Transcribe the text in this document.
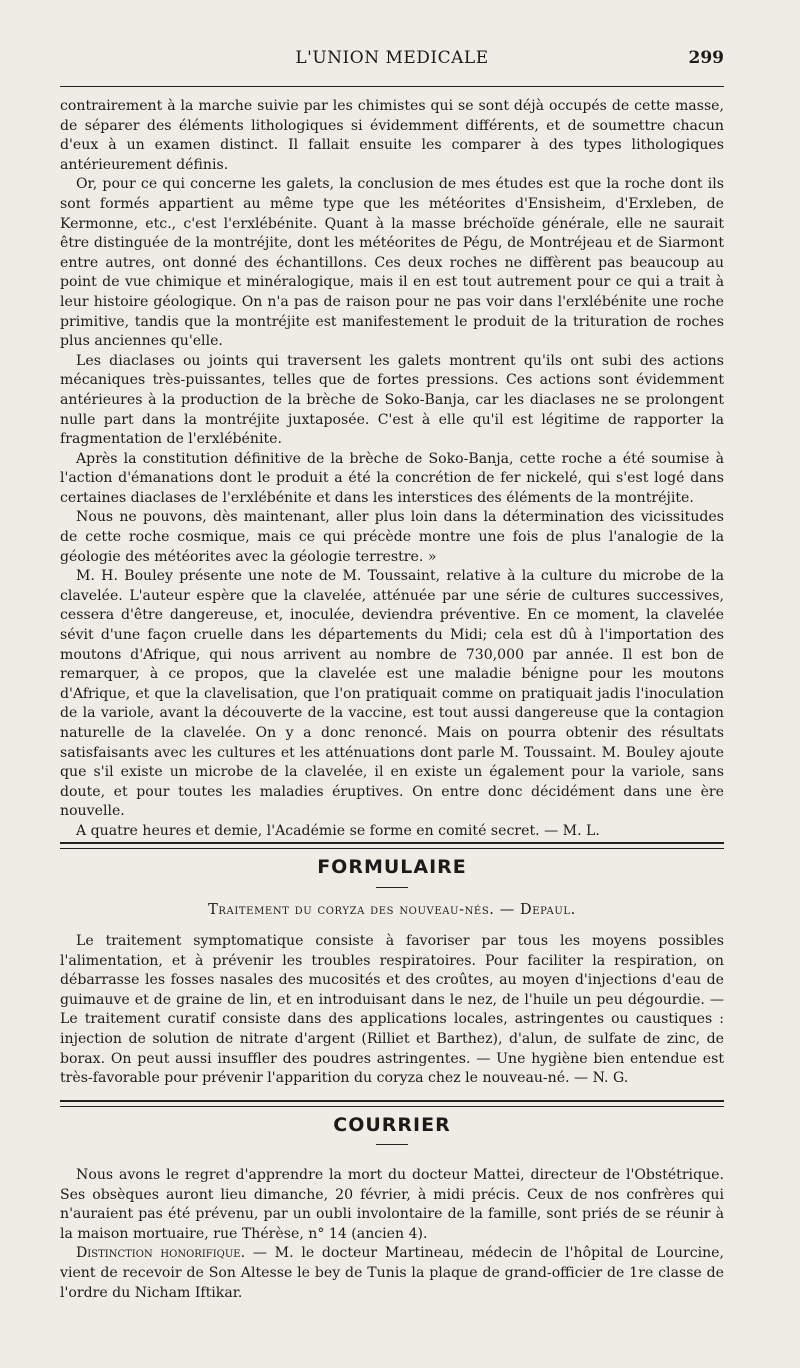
L'UNION MEDICALE	299

contrairement à la marche suivie par les chimistes qui se sont déjà occupés de cette masse, de séparer des éléments lithologiques si évidemment différents, et de soumettre chacun d'eux à un examen distinct. Il fallait ensuite les comparer à des types lithologiques antérieurement définis.

Or, pour ce qui concerne les galets, la conclusion de mes études est que la roche dont ils sont formés appartient au même type que les météorites d'Ensisheim, d'Erxleben, de Kermonne, etc., c'est l'erxlébénite. Quant à la masse bréchoïde générale, elle ne saurait être distinguée de la montréjite, dont les météorites de Pégu, de Montréjeau et de Siarmont entre autres, ont donné des échantillons. Ces deux roches ne diffèrent pas beaucoup au point de vue chimique et minéralogique, mais il en est tout autrement pour ce qui a trait à leur histoire géologique. On n'a pas de raison pour ne pas voir dans l'erxlébénite une roche primitive, tandis que la montréjite est manifestement le produit de la trituration de roches plus anciennes qu'elle.

Les diaclases ou joints qui traversent les galets montrent qu'ils ont subi des actions mécaniques très-puissantes, telles que de fortes pressions. Ces actions sont évidemment antérieures à la production de la brèche de Soko-Banja, car les diaclases ne se prolongent nulle part dans la montréjite juxtaposée. C'est à elle qu'il est légitime de rapporter la fragmentation de l'erxlébénite.

Après la constitution définitive de la brèche de Soko-Banja, cette roche a été soumise à l'action d'émanations dont le produit a été la concrétion de fer nickelé, qui s'est logé dans certaines diaclases de l'erxlébénite et dans les interstices des éléments de la montréjite.

Nous ne pouvons, dès maintenant, aller plus loin dans la détermination des vicissitudes de cette roche cosmique, mais ce qui précède montre une fois de plus l'analogie de la géologie des météorites avec la géologie terrestre. »

M. H. Bouley présente une note de M. Toussaint, relative à la culture du microbe de la clavelée. L'auteur espère que la clavelée, atténuée par une série de cultures successives, cessera d'être dangereuse, et, inoculée, deviendra préventive. En ce moment, la clavelée sévit d'une façon cruelle dans les départements du Midi; cela est dû à l'importation des moutons d'Afrique, qui nous arrivent au nombre de 730,000 par année. Il est bon de remarquer, à ce propos, que la clavelée est une maladie bénigne pour les moutons d'Afrique, et que la clavelisation, que l'on pratiquait comme on pratiquait jadis l'inoculation de la variole, avant la découverte de la vaccine, est tout aussi dangereuse que la contagion naturelle de la clavelée. On y a donc renoncé. Mais on pourra obtenir des résultats satisfaisants avec les cultures et les atténuations dont parle M. Toussaint. M. Bouley ajoute que s'il existe un microbe de la clavelée, il en existe un également pour la variole, sans doute, et pour toutes les maladies éruptives. On entre donc décidément dans une ère nouvelle.

A quatre heures et demie, l'Académie se forme en comité secret. — M. L.

FORMULAIRE
Traitement du coryza des nouveau-nés. — Depaul.

Le traitement symptomatique consiste à favoriser par tous les moyens possibles l'alimentation, et à prévenir les troubles respiratoires. Pour faciliter la respiration, on débarrasse les fosses nasales des mucosités et des croûtes, au moyen d'injections d'eau de guimauve et de graine de lin, et en introduisant dans le nez, de l'huile un peu dégourdie. — Le traitement curatif consiste dans des applications locales, astringentes ou caustiques : injection de solution de nitrate d'argent (Rilliet et Barthez), d'alun, de sulfate de zinc, de borax. On peut aussi insuffler des poudres astringentes. — Une hygiène bien entendue est très-favorable pour prévenir l'apparition du coryza chez le nouveau-né. — N. G.

COURRIER

Nous avons le regret d'apprendre la mort du docteur Mattei, directeur de l'Obstétrique. Ses obsèques auront lieu dimanche, 20 février, à midi précis. Ceux de nos confrères qui n'auraient pas été prévenu, par un oubli involontaire de la famille, sont priés de se réunir à la maison mortuaire, rue Thérèse, n° 14 (ancien 4).

Distinction honorifique. — M. le docteur Martineau, médecin de l'hôpital de Lourcine, vient de recevoir de Son Altesse le bey de Tunis la plaque de grand-officier de 1re classe de l'ordre du Nicham Iftikar.
